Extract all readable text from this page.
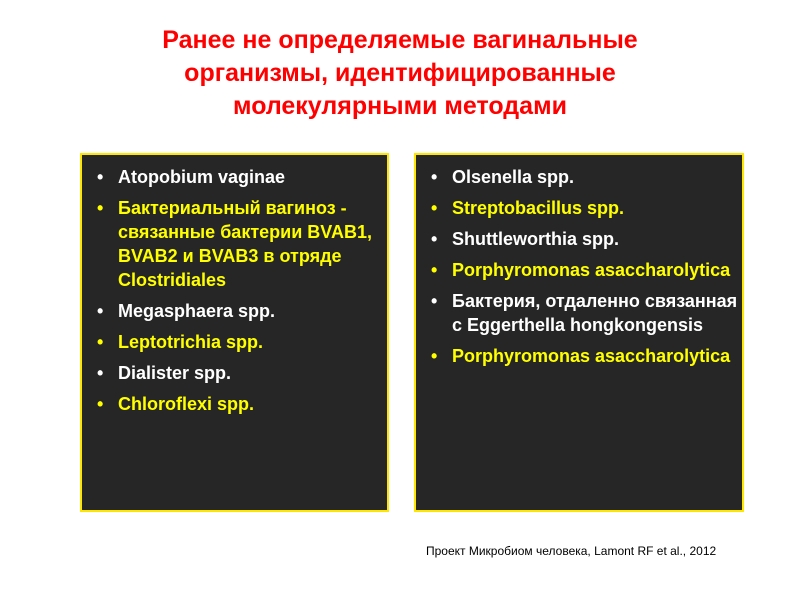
Ранее не определяемые вагинальные
организмы, идентифицированные
молекулярными методами
• Atopobium vaginae
• Бактериальный вагиноз - связанные бактерии BVAB1, BVAB2 и BVAB3 в отряде Clostridiales
• Megasphaera spp.
• Leptotrichia spp.
• Dialister spp.
• Chloroflexi spp.
• Olsenella spp.
• Streptobacillus spp.
• Shuttleworthia spp.
• Porphyromonas asaccharolytica
• Бактерия, отдаленно связанная с Eggerthella hongkongensis
• Porphyromonas asaccharolytica
Проект Микробиом человека, Lamont RF et al., 2012
